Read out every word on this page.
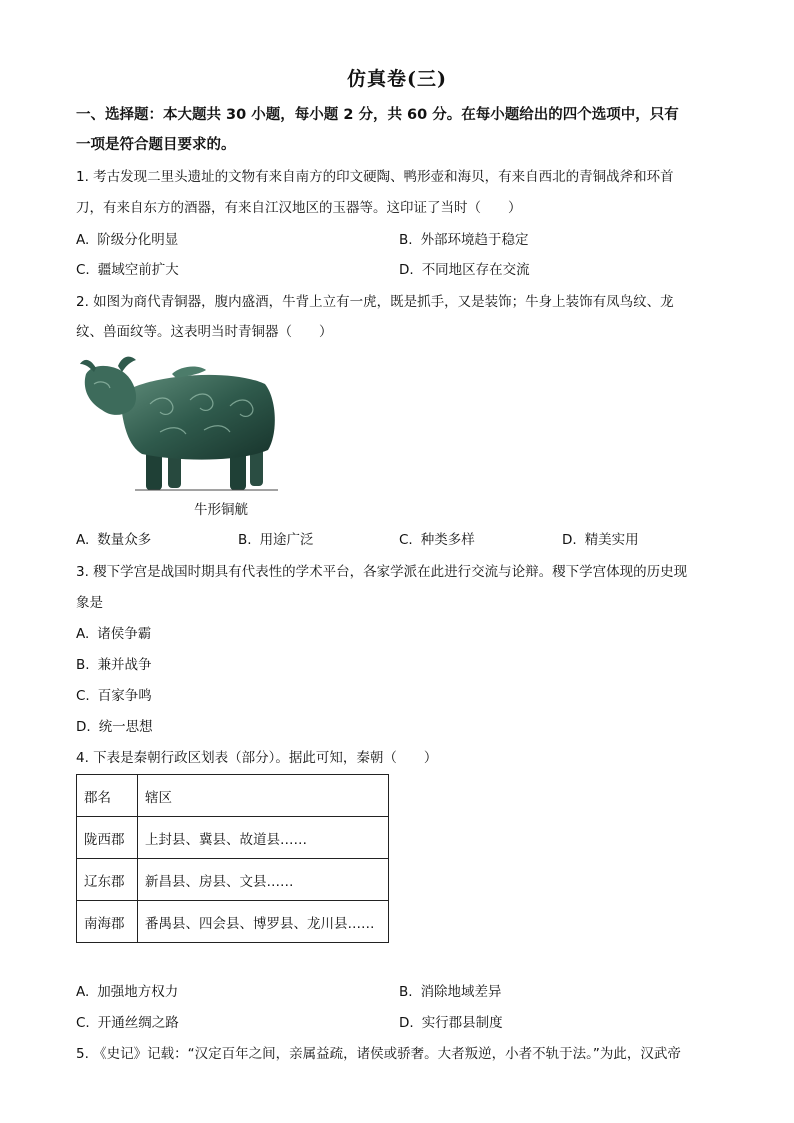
仿真卷(三)
一、选择题：本大题共 30 小题，每小题 2 分，共 60 分。在每小题给出的四个选项中，只有
一项是符合题目要求的。
1. 考古发现二里头遗址的文物有来自南方的印文硬陶、鸭形壶和海贝，有来自西北的青铜战斧和环首
刀，有来自东方的酒器，有来自江汉地区的玉器等。这印证了当时（　　）
A. 阶级分化明显	B. 外部环境趋于稳定
C. 疆域空前扩大	D. 不同地区存在交流
2. 如图为商代青铜器，腹内盛酒，牛背上立有一虎，既是抓手，又是装饰；牛身上装饰有凤鸟纹、龙
纹、兽面纹等。这表明当时青铜器（　　）
牛形铜觥
A. 数量众多	B. 用途广泛	C. 种类多样	D. 精美实用
3. 稷下学宫是战国时期具有代表性的学术平台，各家学派在此进行交流与论辩。稷下学宫体现的历史现
象是
A. 诸侯争霸
B. 兼并战争
C. 百家争鸣
D. 统一思想
4. 下表是秦朝行政区划表（部分）。据此可知，秦朝（　　）
郡名	辖区
陇西郡	上封县、冀县、故道县……
辽东郡	新昌县、房县、文县……
南海郡	番禺县、四会县、博罗县、龙川县……
A. 加强地方权力	B. 消除地域差异
C. 开通丝绸之路	D. 实行郡县制度
5. 《史记》记载：“汉定百年之间，亲属益疏，诸侯或骄奢。大者叛逆，小者不轨于法。”为此，汉武帝
